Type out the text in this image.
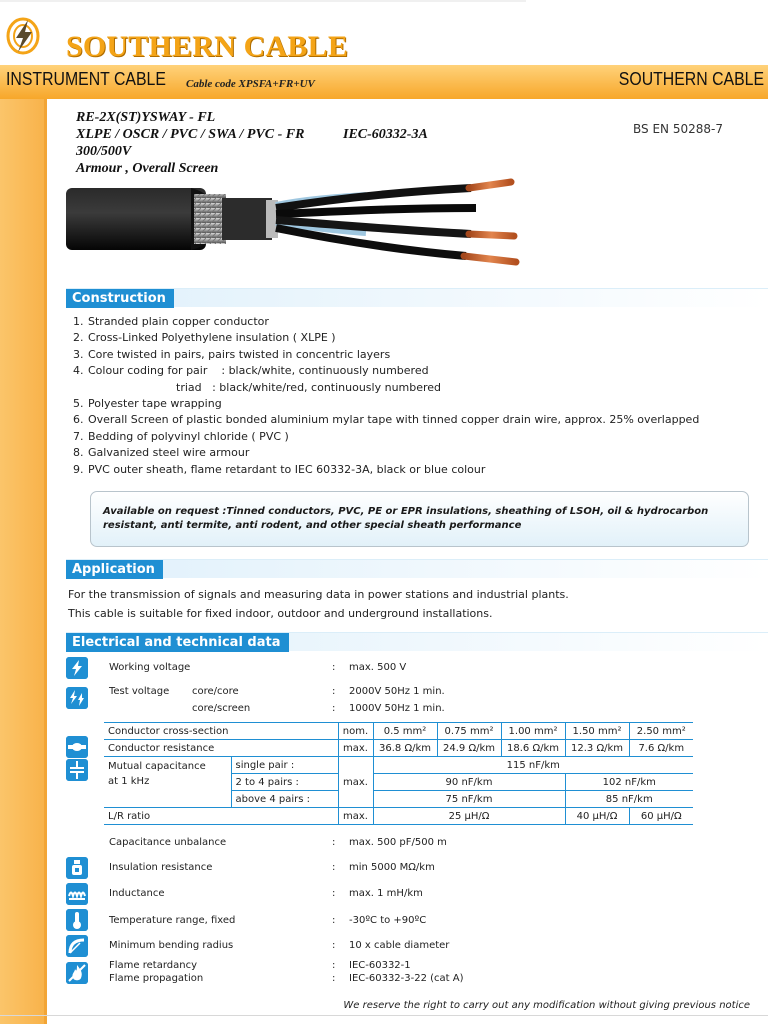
SOUTHERN CABLE
INSTRUMENT CABLE Cable code XPSFA+FR+UV	SOUTHERN CABLE
RE-2X(ST)YSWAY - FL
XLPE / OSCR / PVC / SWA / PVC - FR	IEC-60332-3A
300/500V
Armour , Overall Screen
BS EN 50288-7
2
1
Construction
1. Stranded plain copper conductor
2. Cross-Linked Polyethylene insulation ( XLPE )
3. Core twisted in pairs, pairs twisted in concentric layers
4. Colour coding for pair    : black/white, continuously numbered
triad   : black/white/red, continuously numbered
5. Polyester tape wrapping
6. Overall Screen of plastic bonded aluminium mylar tape with tinned copper drain wire, approx. 25% overlapped
7. Bedding of polyvinyl chloride ( PVC )
8. Galvanized steel wire armour
9. PVC outer sheath, flame retardant to IEC 60332-3A, black or blue colour
Available on request :Tinned conductors, PVC, PE or EPR insulations, sheathing of LSOH, oil & hydrocarbon resistant, anti termite, anti rodent, and other special sheath performance
Application
For the transmission of signals and measuring data in power stations and industrial plants.
This cable is suitable for fixed indoor, outdoor and underground installations.
Electrical and technical data
Working voltage	: max. 500 V
Test voltage core/core	: 2000V 50Hz 1 min.
core/screen	: 1000V 50Hz 1 min.
Conductor cross-section		nom.	0.5 mm²	0.75 mm²	1.00 mm²	1.50 mm²	2.50 mm²
Conductor resistance		max.	36.8 Ω/km	24.9 Ω/km	18.6 Ω/km	12.3 Ω/km	7.6 Ω/km

Mutual capacitance
at 1 kHz	single pair :	max.	115 nF/km				
	2 to 4 pairs :		90 nF/km			102 nF/km	
	above 4 pairs :		75 nF/km			85 nF/km	
L/R ratio		max.	25 μH/Ω			40 μH/Ω	60 μH/Ω
Capacitance unbalance	: max. 500 pF/500 m
Insulation resistance	: min 5000 MΩ/km
Inductance	: max. 1 mH/km
Temperature range, fixed	: -30ºC to +90ºC
Minimum bending radius	: 10 x cable diameter
Flame retardancy	: IEC-60332-1
Flame propagation	: IEC-60332-3-22 (cat A)
We reserve the right to carry out any modification without giving previous notice
